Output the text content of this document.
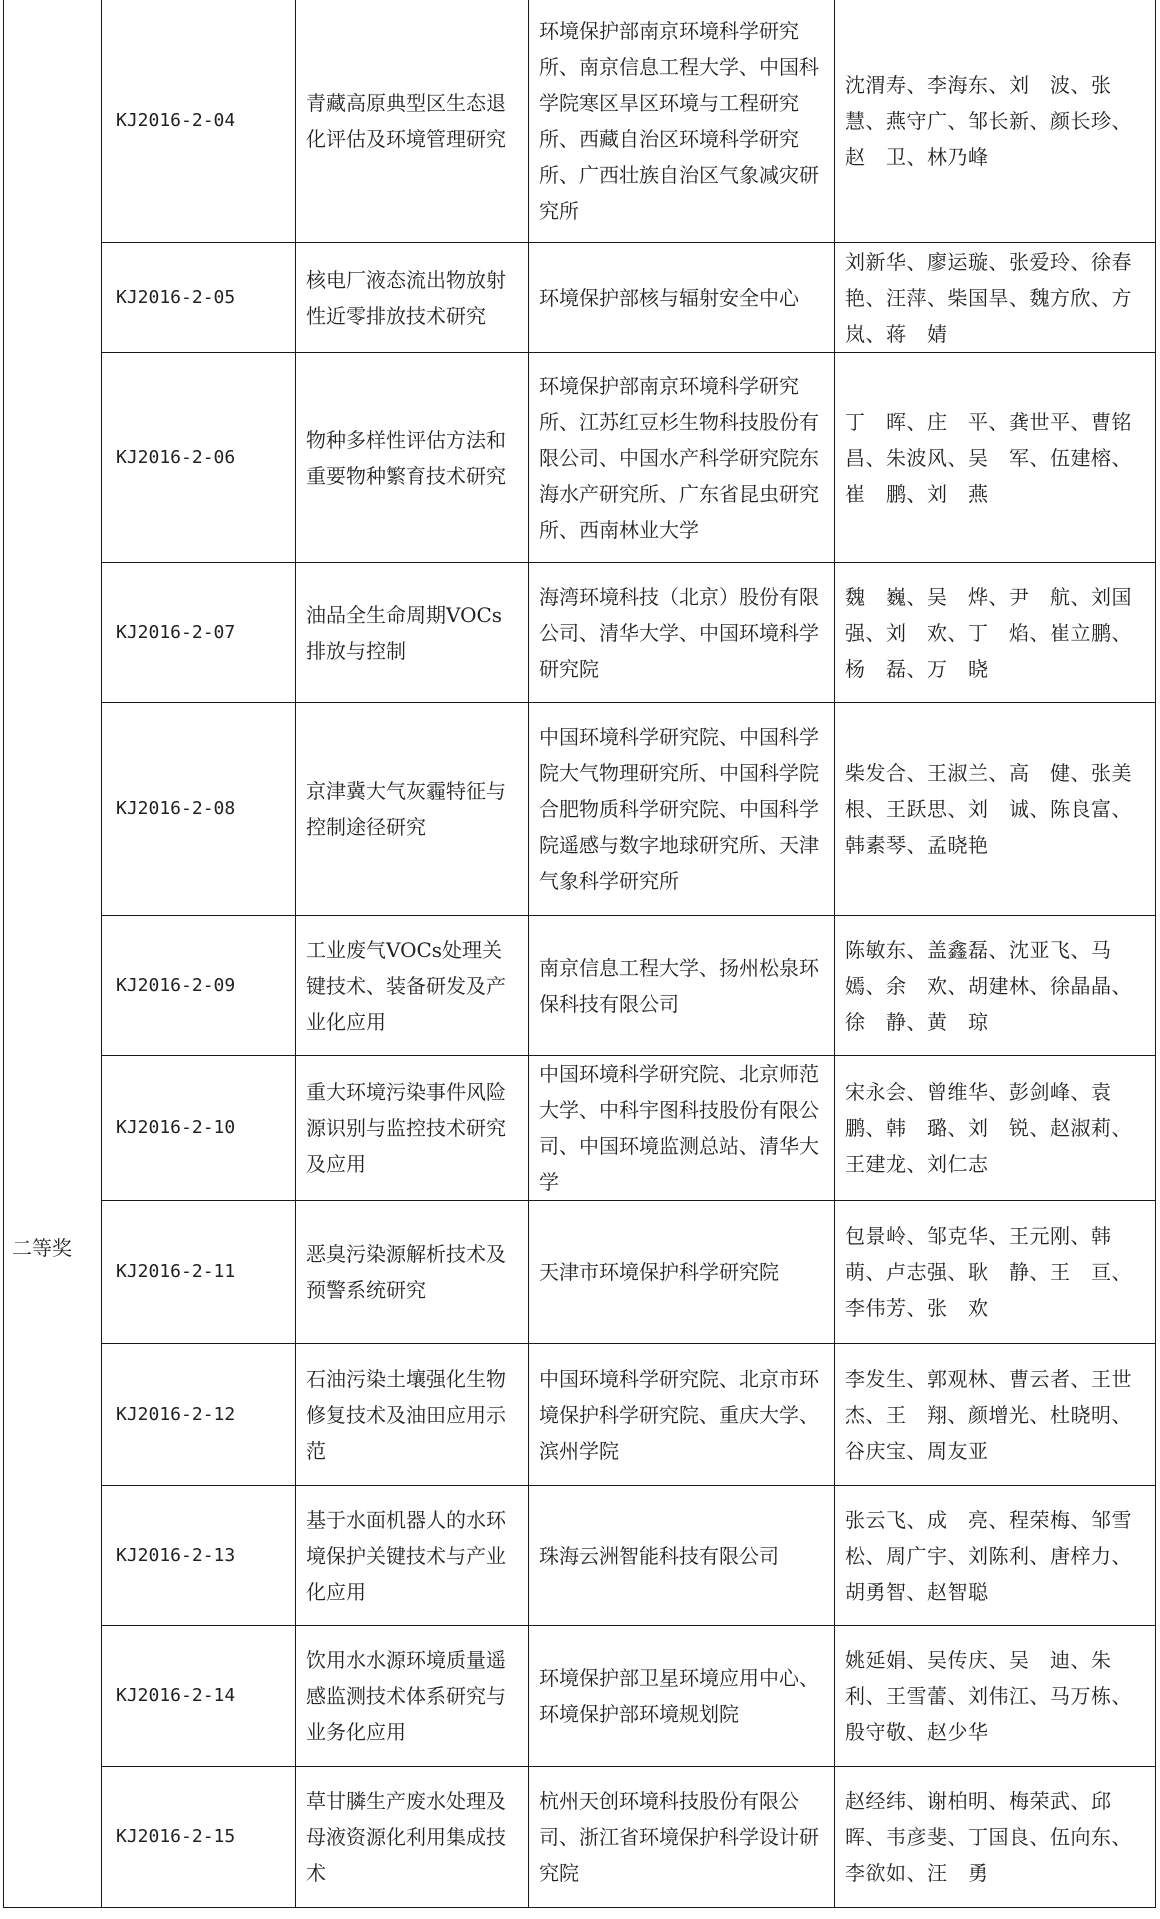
二等奖	KJ2016-2-04	青藏高原典型区生态退化评估及环境管理研究	环境保护部南京环境科学研究所、南京信息工程大学、中国科学院寒区旱区环境与工程研究所、西藏自治区环境科学研究所、广西壮族自治区气象减灾研究所	沈渭寿、李海东、刘　波、张　慧、燕守广、邹长新、颜长珍、赵　卫、林乃峰
	KJ2016-2-05	核电厂液态流出物放射性近零排放技术研究	环境保护部核与辐射安全中心	刘新华、廖运璇、张爱玲、徐春艳、汪萍、柴国旱、魏方欣、方　岚、蒋　婧
	KJ2016-2-06	物种多样性评估方法和重要物种繁育技术研究	环境保护部南京环境科学研究所、江苏红豆杉生物科技股份有限公司、中国水产科学研究院东海水产研究所、广东省昆虫研究所、西南林业大学	丁　晖、庄　平、龚世平、曹铭昌、朱波风、吴　军、伍建榕、崔　鹏、刘　燕
	KJ2016-2-07	油品全生命周期VOCs排放与控制	海湾环境科技（北京）股份有限公司、清华大学、中国环境科学研究院	魏　巍、吴　烨、尹　航、刘国强、刘　欢、丁　焰、崔立鹏、杨　磊、万　晓
	KJ2016-2-08	京津冀大气灰霾特征与控制途径研究	中国环境科学研究院、中国科学院大气物理研究所、中国科学院合肥物质科学研究院、中国科学院遥感与数字地球研究所、天津气象科学研究所	柴发合、王淑兰、高　健、张美根、王跃思、刘　诚、陈良富、韩素琴、孟晓艳
	KJ2016-2-09	工业废气VOCs处理关键技术、装备研发及产业化应用	南京信息工程大学、扬州松泉环保科技有限公司	陈敏东、盖鑫磊、沈亚飞、马　嫣、余　欢、胡建林、徐晶晶、徐　静、黄　琼
	KJ2016-2-10	重大环境污染事件风险源识别与监控技术研究及应用	中国环境科学研究院、北京师范大学、中科宇图科技股份有限公司、中国环境监测总站、清华大学	宋永会、曾维华、彭剑峰、袁　鹏、韩　璐、刘　锐、赵淑莉、王建龙、刘仁志
	KJ2016-2-11	恶臭污染源解析技术及预警系统研究	天津市环境保护科学研究院	包景岭、邹克华、王元刚、韩　萌、卢志强、耿　静、王　亘、李伟芳、张　欢
	KJ2016-2-12	石油污染土壤强化生物修复技术及油田应用示范	中国环境科学研究院、北京市环境保护科学研究院、重庆大学、滨州学院	李发生、郭观林、曹云者、王世杰、王　翔、颜增光、杜晓明、谷庆宝、周友亚
	KJ2016-2-13	基于水面机器人的水环境保护关键技术与产业化应用	珠海云洲智能科技有限公司	张云飞、成　亮、程荣梅、邹雪松、周广宇、刘陈利、唐梓力、胡勇智、赵智聪
	KJ2016-2-14	饮用水水源环境质量遥感监测技术体系研究与业务化应用	环境保护部卫星环境应用中心、环境保护部环境规划院	姚延娟、吴传庆、吴　迪、朱　利、王雪蕾、刘伟江、马万栋、殷守敬、赵少华
	KJ2016-2-15	草甘膦生产废水处理及母液资源化利用集成技术	杭州天创环境科技股份有限公司、浙江省环境保护科学设计研究院	赵经纬、谢柏明、梅荣武、邱　晖、韦彦斐、丁国良、伍向东、李欲如、汪　勇
